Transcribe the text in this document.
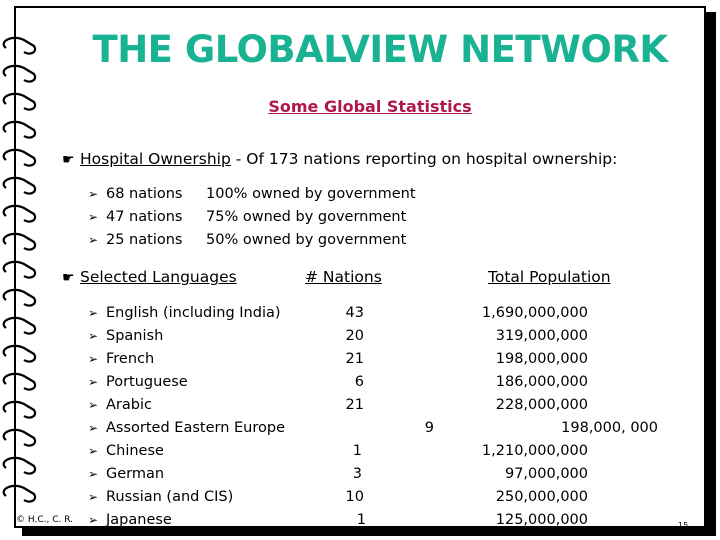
THE GLOBALVIEW NETWORK
Some Global Statistics
☛ Hospital Ownership - Of 173 nations reporting on hospital ownership:
➢ 68 nations 100% owned by government
➢ 47 nations 75% owned by government
➢ 25 nations 50% owned by government
☛ Selected Languages	# Nations	Total Population
➢ English (including India)	43	1,690,000,000
➢ Spanish	20	319,000,000
➢ French	21	198,000,000
➢ Portuguese	6	186,000,000
➢ Arabic	21	228,000,000
➢ Assorted Eastern Europe	9	198,000, 000
➢ Chinese	1	1,210,000,000
➢ German	3	97,000,000
➢ Russian (and CIS)	10	250,000,000
➢ Japanese	1	125,000,000
© H.C., C. R.
15
